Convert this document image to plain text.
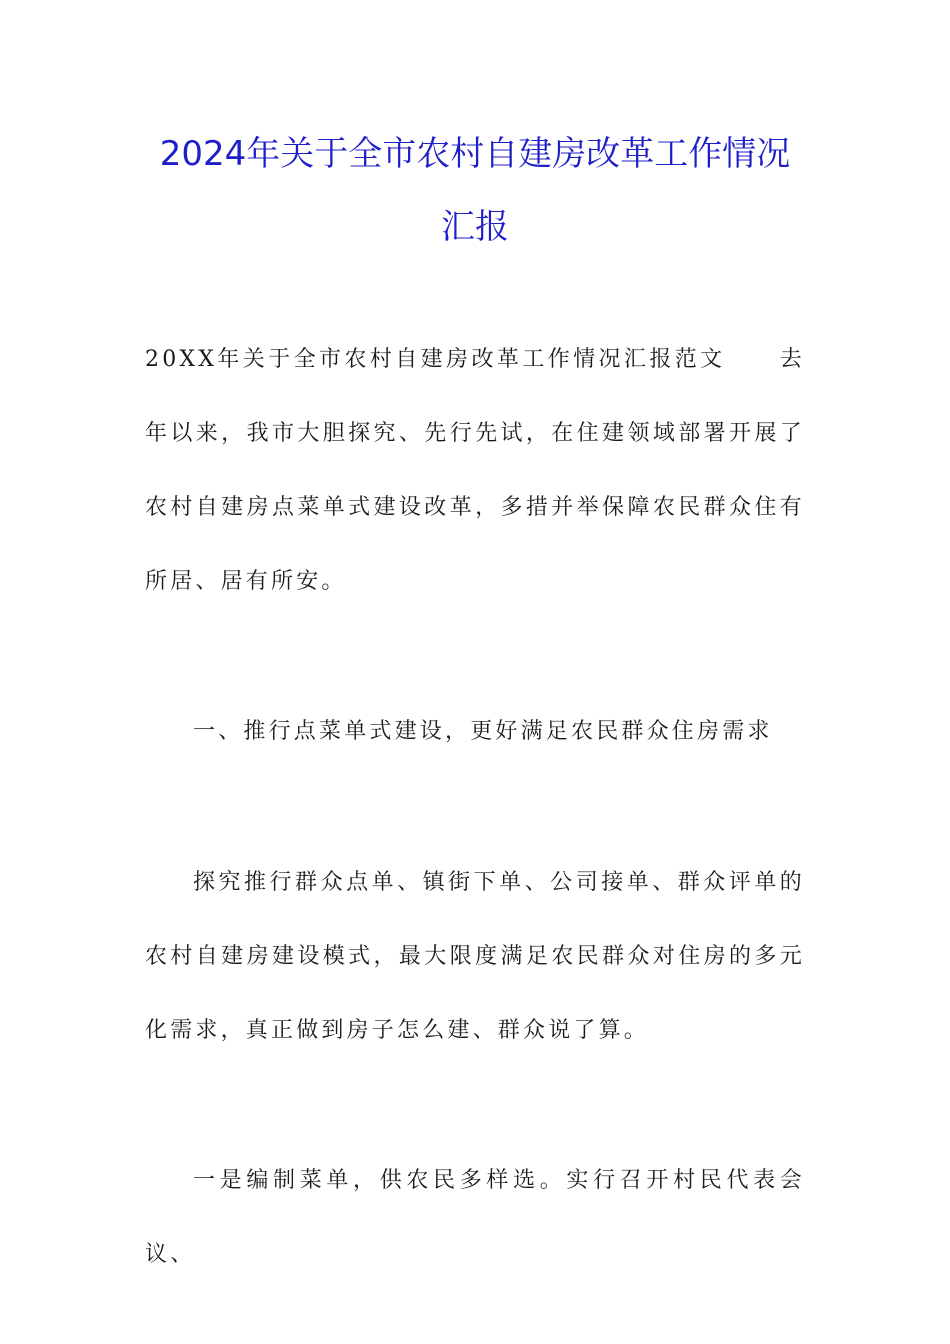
2024年关于全市农村自建房改革工作情况
汇报

20XX年关于全市农村自建房改革工作情况汇报范文 去年以来，我市大胆探究、先行先试，在住建领域部署开展了农村自建房点菜单式建设改革，多措并举保障农民群众住有所居、居有所安。

一、推行点菜单式建设，更好满足农民群众住房需求

探究推行群众点单、镇街下单、公司接单、群众评单的农村自建房建设模式，最大限度满足农民群众对住房的多元化需求，真正做到房子怎么建、群众说了算。

一是编制菜单，供农民多样选。实行召开村民代表会议、
